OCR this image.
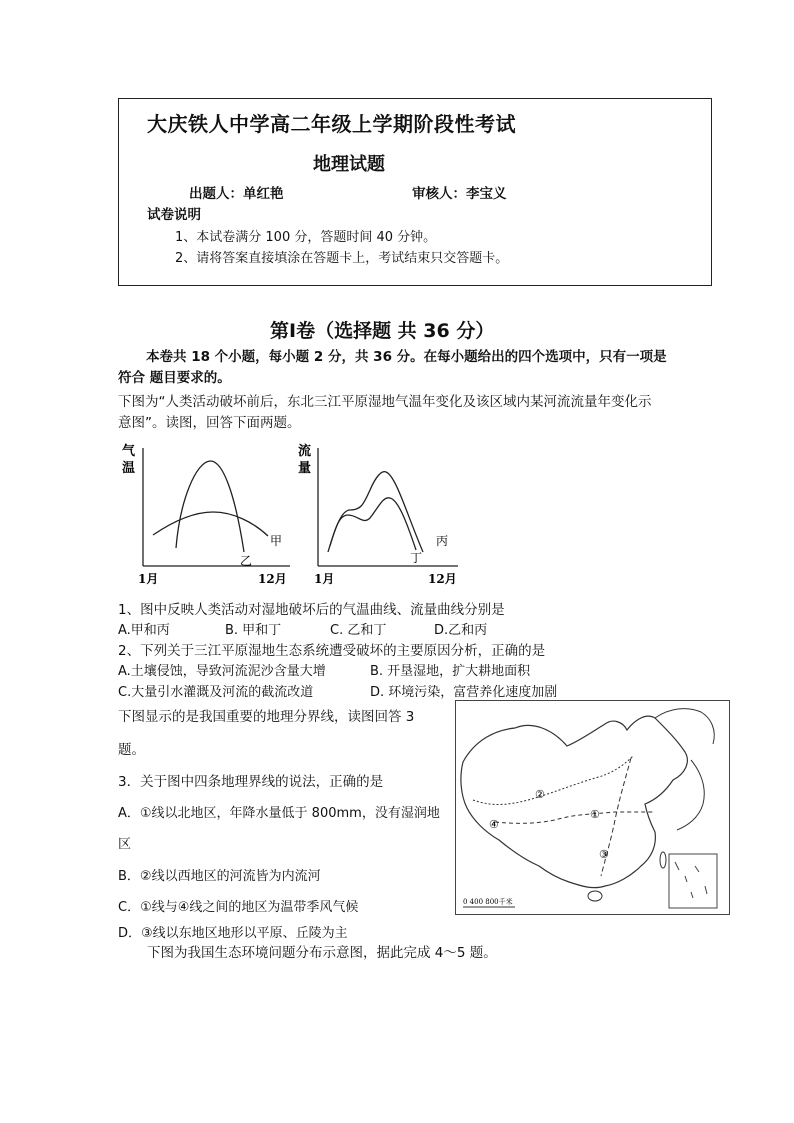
大庆铁人中学高二年级上学期阶段性考试
地理试题
出题人：单红艳	审核人：李宝义
试卷说明
1、本试卷满分 100 分，答题时间 40 分钟。
2、请将答案直接填涂在答题卡上，考试结束只交答题卡。
第Ⅰ卷（选择题 共 36 分）
本卷共 18 个小题，每小题 2 分，共 36 分。在每小题给出的四个选项中，只有一项是
符合 题目要求的。
下图为“人类活动破坏前后，东北三江平原湿地气温年变化及该区域内某河流流量年变化示
意图”。读图，回答下面两题。
气
温
甲
乙
1月	12月
流
量
丙
丁
1月	12月
1、图中反映人类活动对湿地破坏后的气温曲线、流量曲线分别是
A.甲和丙	B. 甲和丁	C. 乙和丁	D.乙和丙
2、下列关于三江平原湿地生态系统遭受破坏的主要原因分析，正确的是
A.土壤侵蚀，导致河流泥沙含量大增	B. 开垦湿地，扩大耕地面积
C.大量引水灌溉及河流的截流改道	D. 环境污染，富营养化速度加剧
下图显示的是我国重要的地理分界线，读图回答 3
题。
3．关于图中四条地理界线的说法，正确的是
A．①线以北地区，年降水量低于 800mm，没有湿润地
区
B．②线以西地区的河流皆为内流河
C．①线与④线之间的地区为温带季风气候
D．③线以东地区地形以平原、丘陵为主
②
①
③
④
0 400 800千米
下图为我国生态环境问题分布示意图，据此完成 4～5 题。
